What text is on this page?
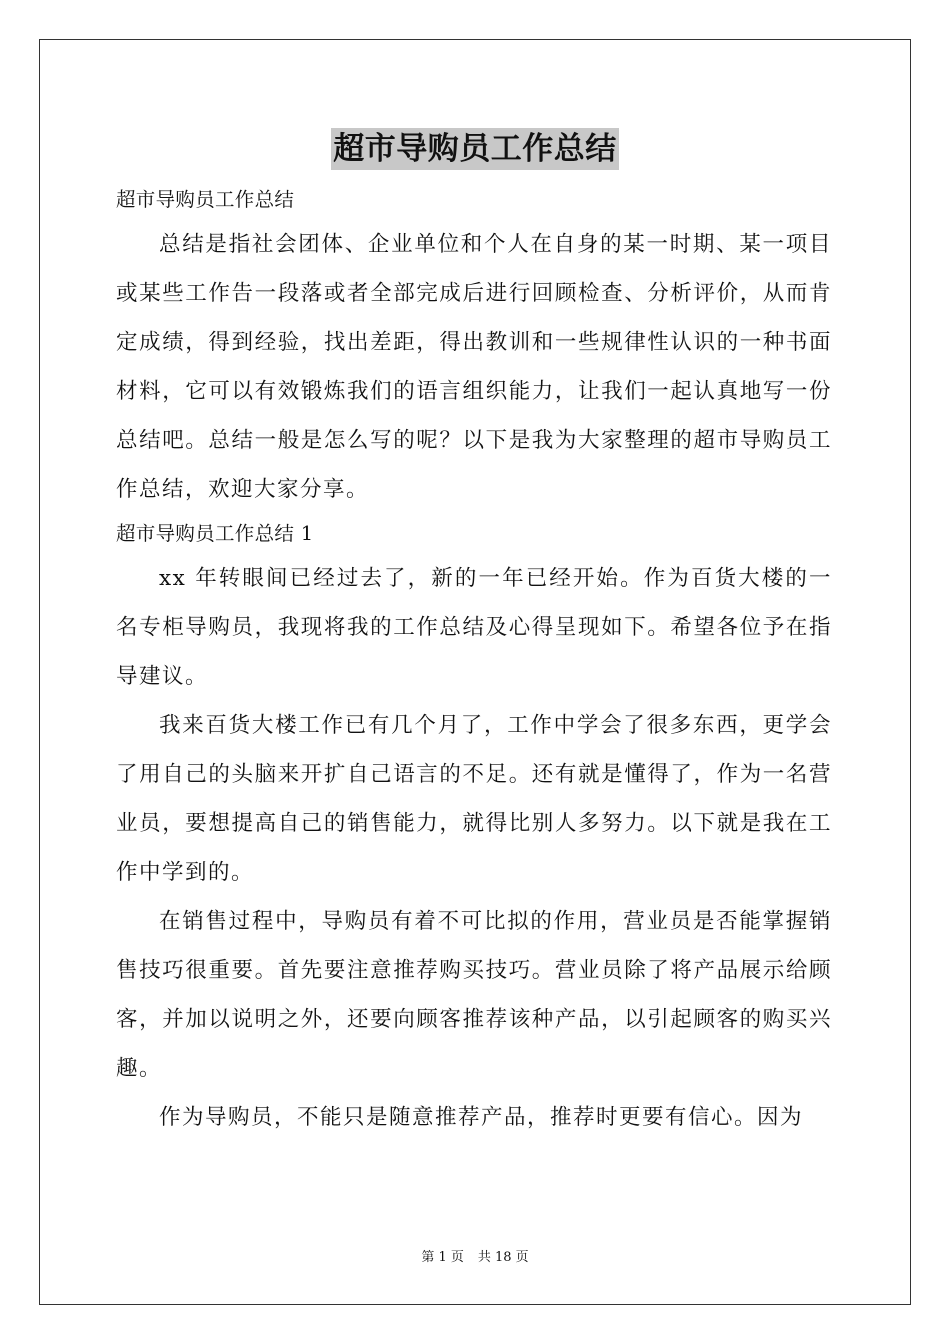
超市导购员工作总结

超市导购员工作总结

总结是指社会团体、企业单位和个人在自身的某一时期、某一项目或某些工作告一段落或者全部完成后进行回顾检查、分析评价，从而肯定成绩，得到经验，找出差距，得出教训和一些规律性认识的一种书面材料，它可以有效锻炼我们的语言组织能力，让我们一起认真地写一份总结吧。总结一般是怎么写的呢？以下是我为大家整理的超市导购员工作总结，欢迎大家分享。

超市导购员工作总结 1

xx 年转眼间已经过去了，新的一年已经开始。作为百货大楼的一名专柜导购员，我现将我的工作总结及心得呈现如下。希望各位予在指导建议。

我来百货大楼工作已有几个月了，工作中学会了很多东西，更学会了用自己的头脑来开扩自己语言的不足。还有就是懂得了，作为一名营业员，要想提高自己的销售能力，就得比别人多努力。以下就是我在工作中学到的。

在销售过程中，导购员有着不可比拟的作用，营业员是否能掌握销售技巧很重要。首先要注意推荐购买技巧。营业员除了将产品展示给顾客，并加以说明之外，还要向顾客推荐该种产品，以引起顾客的购买兴趣。

作为导购员，不能只是随意推荐产品，推荐时更要有信心。因为

第 1 页 共 18 页
